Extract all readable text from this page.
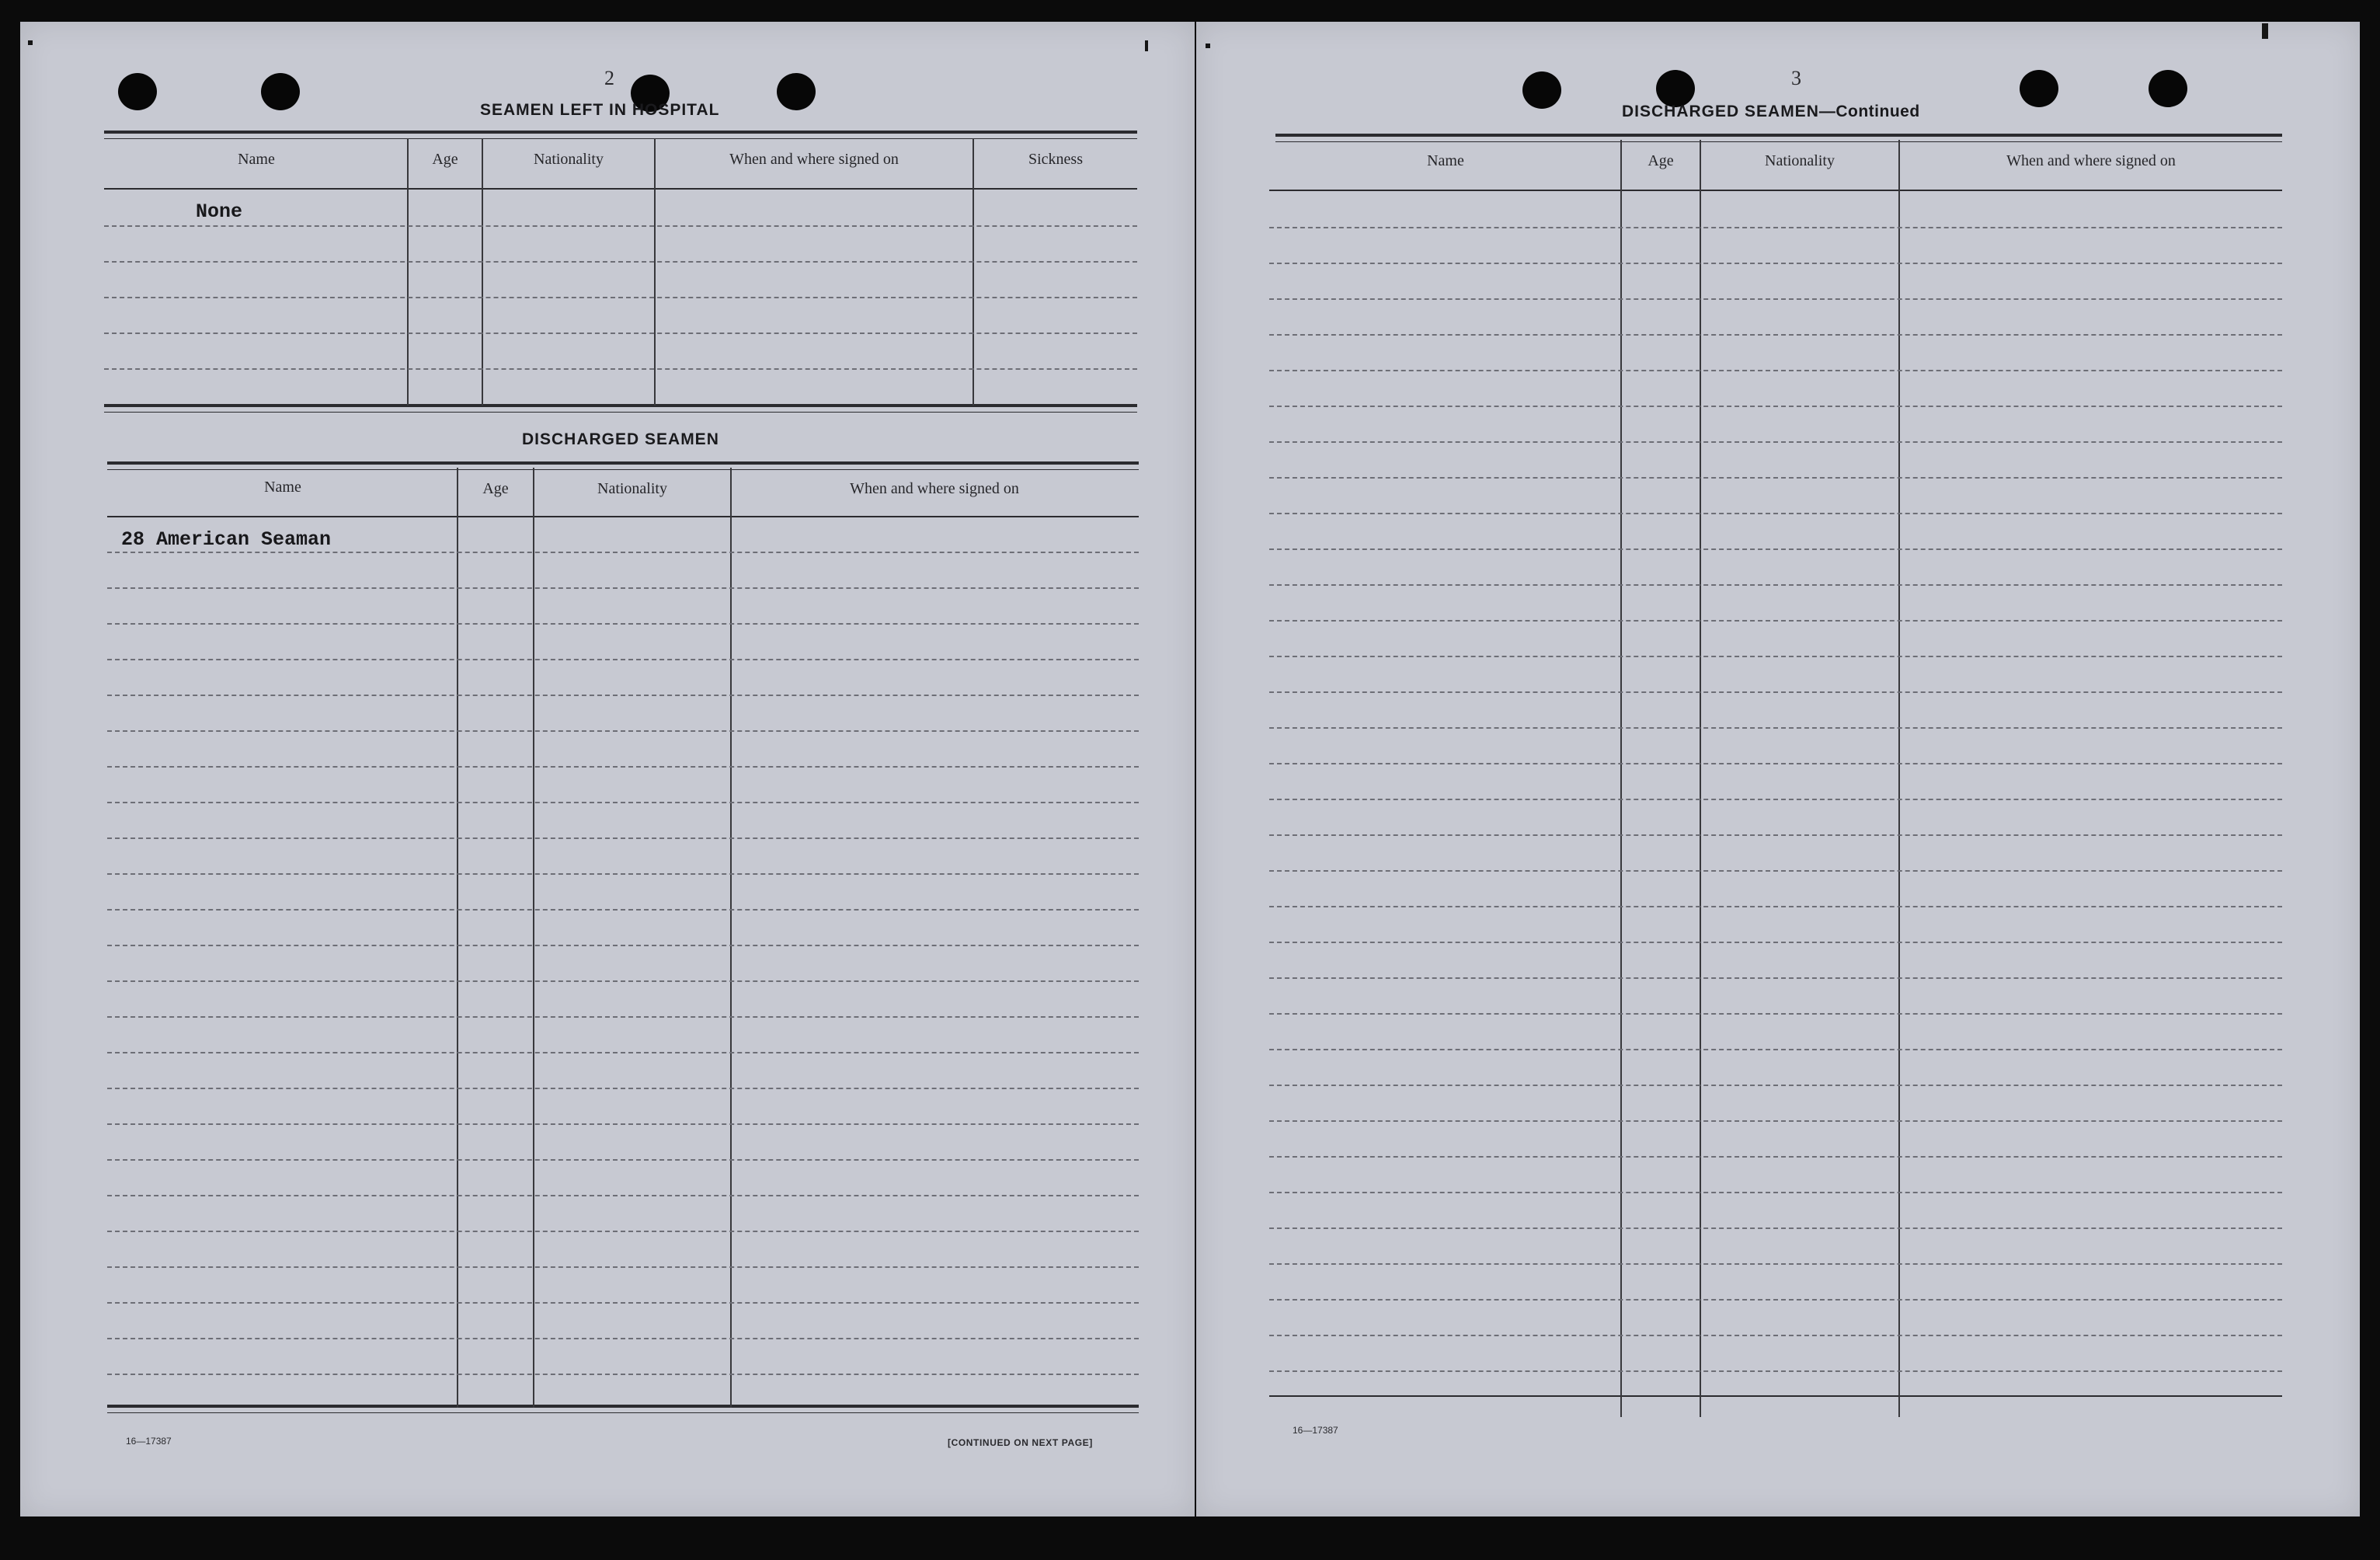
2
SEAMEN LEFT IN HOSPITAL
Name	Age	Nationality	When and where signed on	Sickness
None
DISCHARGED SEAMEN
Name	Age	Nationality	When and where signed on
28 American Seaman
16—17387	[CONTINUED ON NEXT PAGE]
3
DISCHARGED SEAMEN—Continued
Name	Age	Nationality	When and where signed on
16—17387
